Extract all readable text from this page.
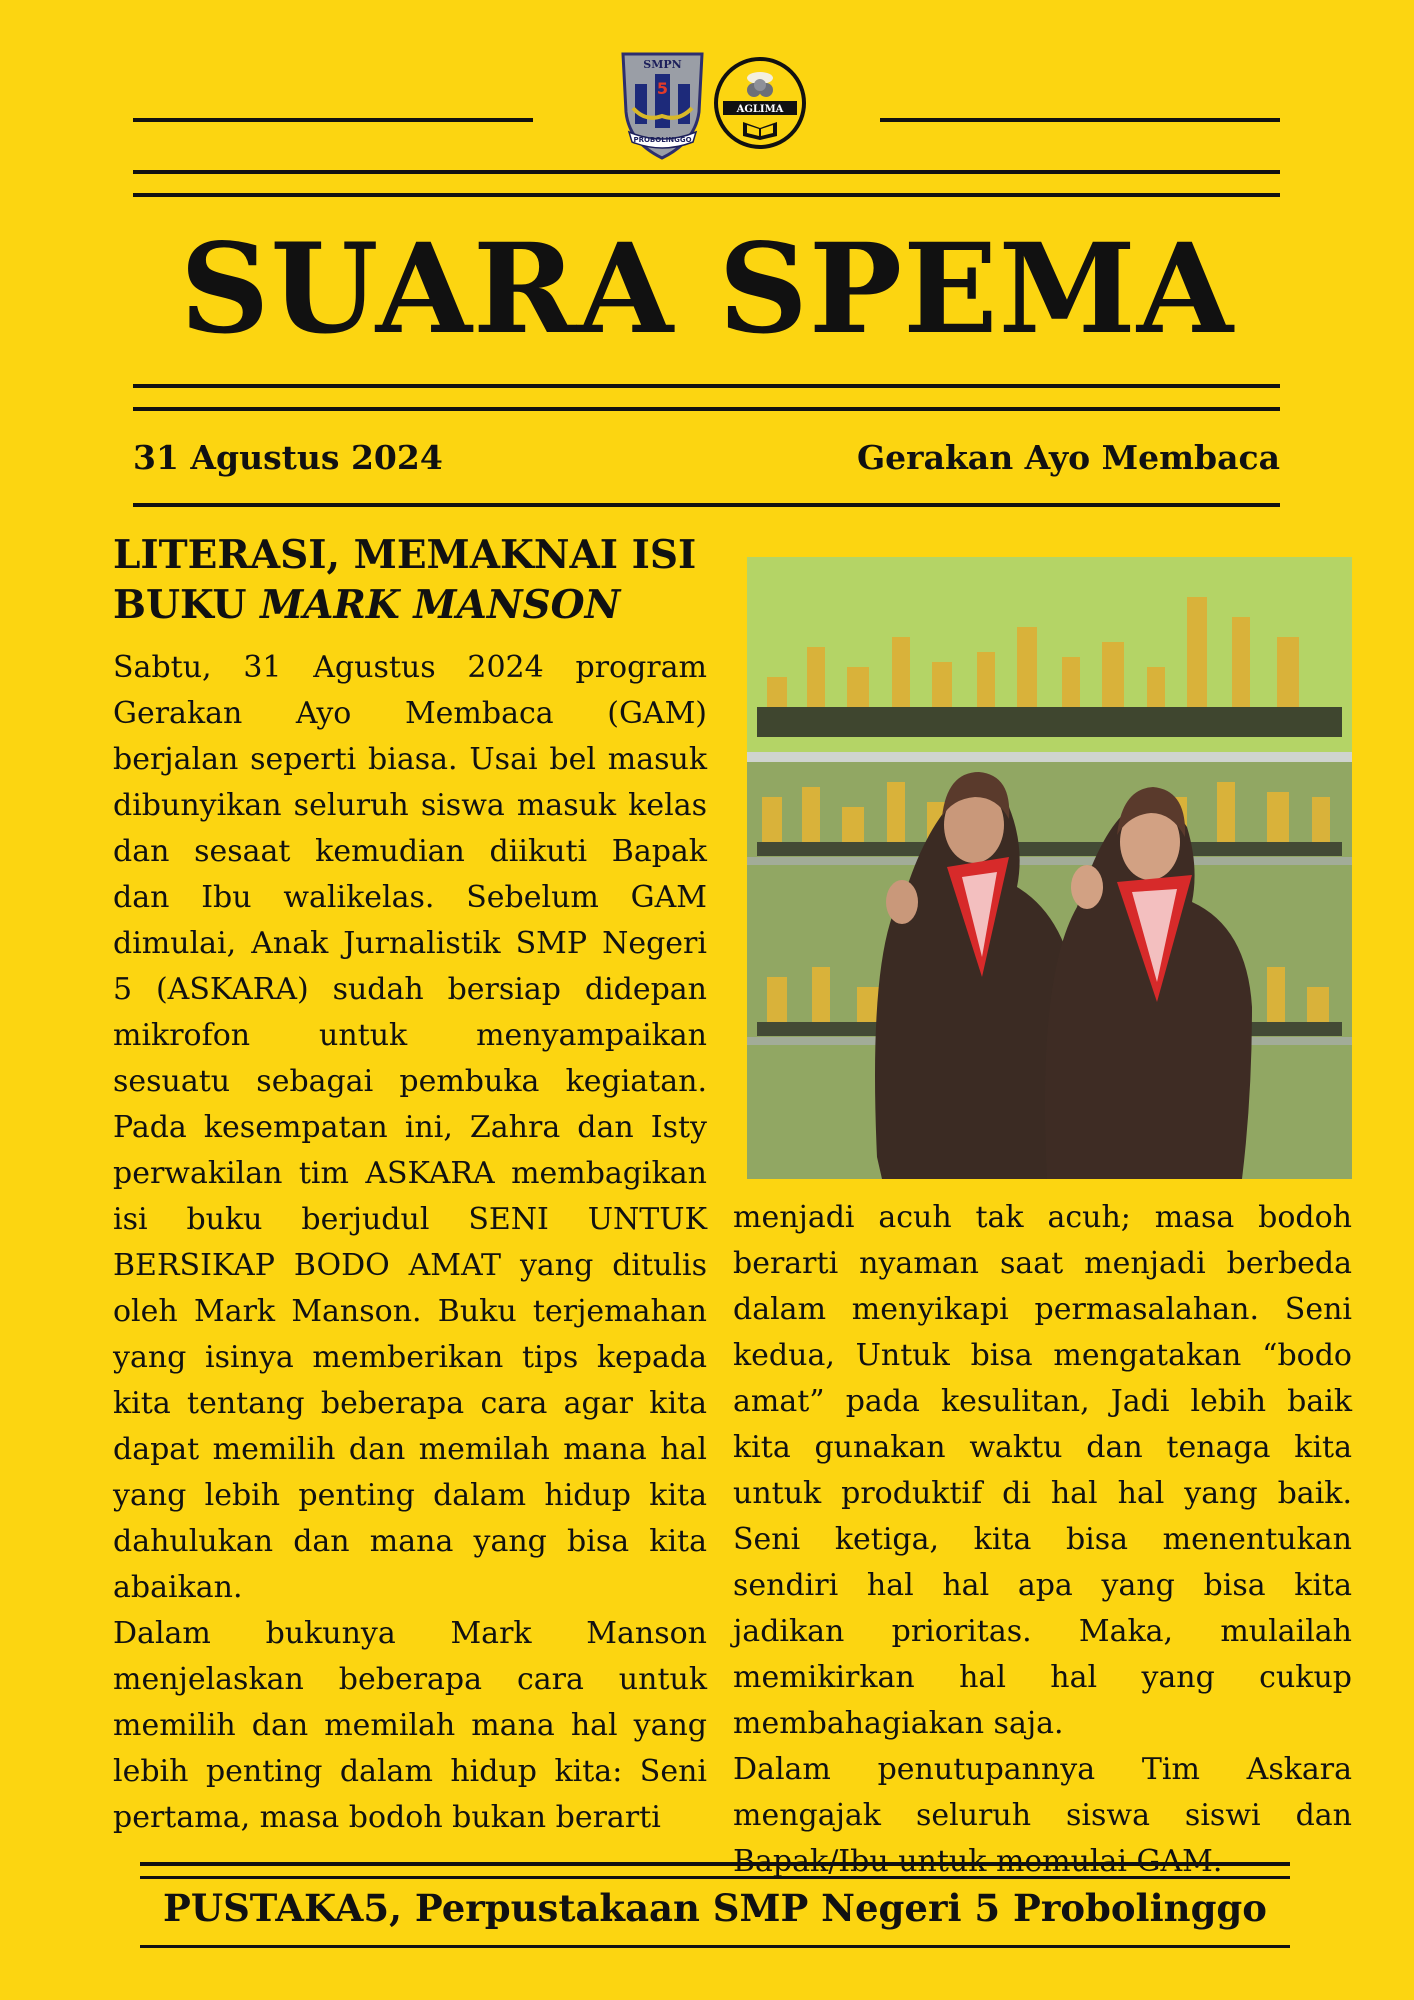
SMPN
5
PROBOLINGGO
AGLIMA
SUARA SPEMA
31 Agustus 2024	Gerakan Ayo Membaca
LITERASI, MEMAKNAI ISI BUKU MARK MANSON

Sabtu, 31 Agustus 2024 program Gerakan Ayo Membaca (GAM) berjalan seperti biasa. Usai bel masuk dibunyikan seluruh siswa masuk kelas dan sesaat kemudian diikuti Bapak dan Ibu walikelas. Sebelum GAM dimulai, Anak Jurnalistik SMP Negeri 5 (ASKARA) sudah bersiap didepan mikrofon untuk menyampaikan sesuatu sebagai pembuka kegiatan. Pada kesempatan ini, Zahra dan Isty perwakilan tim ASKARA membagikan isi buku berjudul SENI UNTUK BERSIKAP BODO AMAT yang ditulis oleh Mark Manson. Buku terjemahan yang isinya memberikan tips kepada kita tentang beberapa cara agar kita dapat memilih dan memilah mana hal yang lebih penting dalam hidup kita dahulukan dan mana yang bisa kita abaikan.

Dalam bukunya Mark Manson menjelaskan beberapa cara untuk memilih dan memilah mana hal yang lebih penting dalam hidup kita: Seni pertama, masa bodoh bukan berarti

menjadi acuh tak acuh; masa bodoh berarti nyaman saat menjadi berbeda dalam menyikapi permasalahan. Seni kedua, Untuk bisa mengatakan “bodo amat” pada kesulitan, Jadi lebih baik kita gunakan waktu dan tenaga kita untuk produktif di hal hal yang baik. Seni ketiga, kita bisa menentukan sendiri hal hal apa yang bisa kita jadikan prioritas. Maka, mulailah memikirkan hal hal yang cukup membahagiakan saja.

Dalam penutupannya Tim Askara mengajak seluruh siswa siswi dan

PUSTAKA5, Perpustakaan SMP Negeri 5 Probolinggo
